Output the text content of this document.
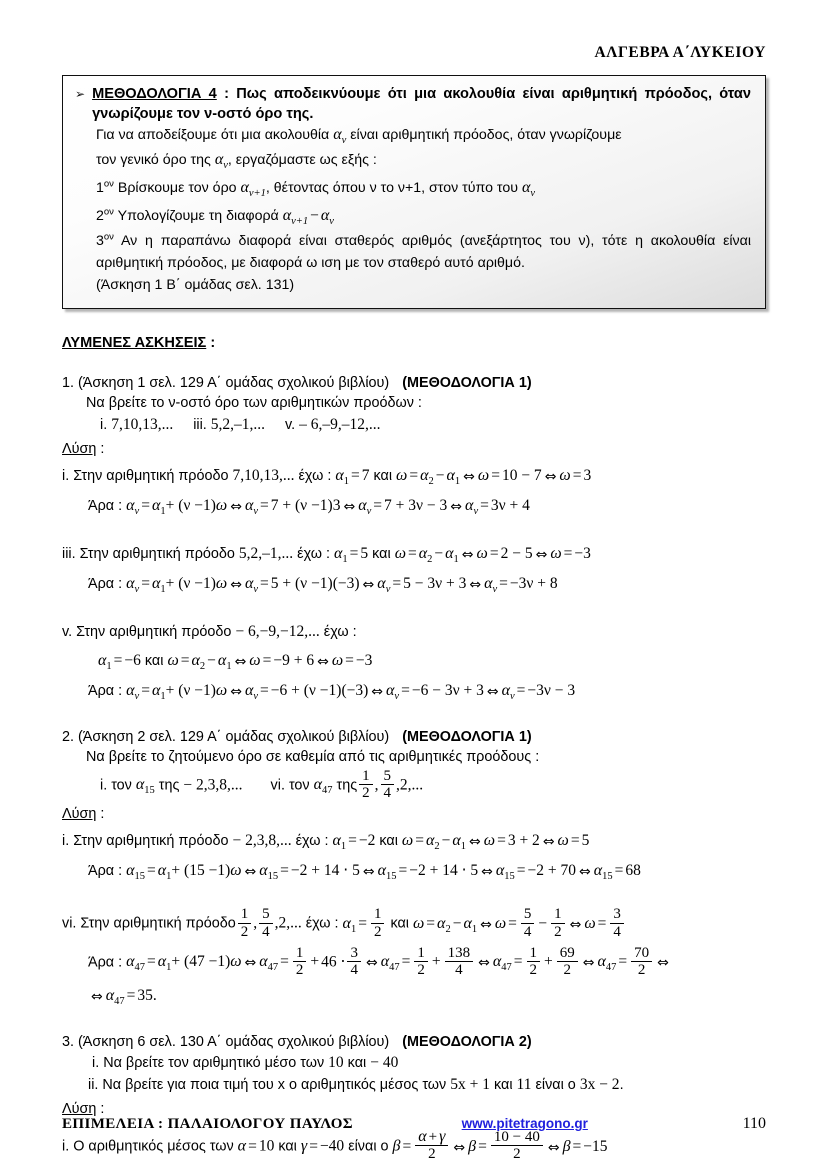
ΑΛΓΕΒΡΑ Α΄ΛΥΚΕΙΟΥ
➢ ΜΕΘΟΔΟΛΟΓΙΑ 4 : Πως αποδεικνύουμε ότι μια ακολουθία είναι αριθμητική πρόοδος, όταν γνωρίζουμε τον ν-οστό όρο της.
Για να αποδείξουμε ότι μια ακολουθία $\alpha_\nu$ είναι αριθμητική πρόοδος, όταν γνωρίζουμε
τον γενικό όρο της $\alpha_\nu$, εργαζόμαστε ως εξής :
$1^{o\nu}$ Βρίσκουμε τον όρο $\alpha_{\nu+1}$, θέτοντας όπου ν το ν+1, στον τύπο του $\alpha_\nu$
$2^{o\nu}$ Υπολογίζουμε τη διαφορά $\alpha_{\nu+1} - \alpha_\nu$
$3^{o\nu}$ Αν η παραπάνω διαφορά είναι σταθερός αριθμός (ανεξάρτητος του ν), τότε η ακολουθία είναι αριθμητική πρόοδος, με διαφορά ω ιση με τον σταθερό αυτό αριθμό.
(Άσκηση 1 Β΄ ομάδας σελ. 131)
ΛΥΜΕΝΕΣ ΑΣΚΗΣΕΙΣ :
1. (Άσκηση 1 σελ. 129 Α΄ ομάδας σχολικού βιβλίου) (ΜΕΘΟΔΟΛΟΓΙΑ 1)
Να βρείτε το ν-οστό όρο των αριθμητικών προόδων :
i. 7,10,13,... iii. 5,2,–1,... v. – 6,–9,–12,...
Λύση :
i. Στην αριθμητική πρόοδο 7,10,13,... έχω : $\alpha_1 = 7$ και $\omega = \alpha_2 - \alpha_1$ ⇔ ω = 10 − 7 ⇔ ω = 3
Άρα : $\alpha_\nu = \alpha_1+ (\nu -1)\omega$ ⇔ $\alpha_\nu = 7 + (\nu -1)3$ ⇔ $\alpha_\nu = 7 + 3\nu - 3$ ⇔ $\alpha_\nu = 3\nu + 4$
iii. Στην αριθμητική πρόοδο 5,2,–1,... έχω : $\alpha_1 = 5$ και $\omega = \alpha_2 - \alpha_1$ ⇔ ω = 2 − 5 ⇔ ω = −3
Άρα : $\alpha_\nu = \alpha_1+ (\nu -1)\omega$ ⇔ $\alpha_\nu = 5 + (\nu -1)(-3)$ ⇔ $\alpha_\nu = 5 - 3\nu + 3$ ⇔ $\alpha_\nu = -3\nu + 8$
v. Στην αριθμητική πρόοδο − 6,−9,−12,... έχω :
$\alpha_1 = -6$ και $\omega = \alpha_2 - \alpha_1$ ⇔ ω = −9 + 6 ⇔ ω = −3
Άρα : $\alpha_\nu = \alpha_1+ (\nu -1)\omega$ ⇔ $\alpha_\nu = -6 + (\nu -1)(-3)$ ⇔ $\alpha_\nu = -6 - 3\nu + 3$ ⇔ $\alpha_\nu = -3\nu - 3$
2. (Άσκηση 2 σελ. 129 Α΄ ομάδας σχολικού βιβλίου) (ΜΕΘΟΔΟΛΟΓΙΑ 1)
Να βρείτε το ζητούμενο όρο σε καθεμία από τις αριθμητικές προόδους :
i. τον $\alpha_{15}$ της − 2,3,8,... vi. τον $\alpha_{47}$ της $\frac{1}{2}$ , $\frac{5}{4} ,2$,...
Λύση :
i. Στην αριθμητική πρόοδο − 2,3,8,... έχω : $\alpha_1 = -2$ και $\omega = \alpha_2 - \alpha_1$ ⇔ ω = 3 + 2 ⇔ ω = 5
Άρα : $\alpha_{15} = \alpha_1+ (15 -1)\omega$ ⇔ $\alpha_{15} = -2 + 14 \cdot 5$ ⇔ $\alpha_{15} = -2 + 14 \cdot 5$ ⇔ $\alpha_{15} = -2 + 70$ ⇔ $\alpha_{15} = 68$
vi. Στην αριθμητική πρόοδο $\frac{1}{2}$ , $\frac{5}{4} ,2$,... έχω : $\alpha_1 = \frac{1}{2}$ και $\omega = \alpha_2 - \alpha_1$ ⇔ $\omega = \frac{5}{4} - \frac{1}{2}$ ⇔ $\omega = \frac{3}{4}$
Άρα : $\alpha_{47} = \alpha_1+ (47 -1)\omega$ ⇔ $\alpha_{47} = \frac{1}{2} + 46 \cdot \frac{3}{4}$ ⇔ $\alpha_{47} = \frac{1}{2} + \frac{138}{4}$ ⇔ $\alpha_{47} = \frac{1}{2} + \frac{69}{2}$ ⇔ $\alpha_{47} = \frac{70}{2}$ ⇔
⇔ $\alpha_{47} = 35$.
3. (Άσκηση 6 σελ. 130 Α΄ ομάδας σχολικού βιβλίου) (ΜΕΘΟΔΟΛΟΓΙΑ 2)
i. Να βρείτε τον αριθμητικό μέσο των 10 και − 40
ii. Να βρείτε για ποια τιμή του x ο αριθμητικός μέσος των 5x + 1 και 11 είναι ο 3x − 2.
Λύση :
i. Ο αριθμητικός μέσος των α = 10 και γ = −40 είναι ο $\beta = \frac{\alpha + \gamma}{2}$ ⇔ $\beta = \frac{10 - 40}{2}$ ⇔ β = −15
ΕΠΙΜΕΛΕΙΑ : ΠΑΛΑΙΟΛΟΓΟΥ ΠΑΥΛΟΣ	www.pitetragono.gr	110
